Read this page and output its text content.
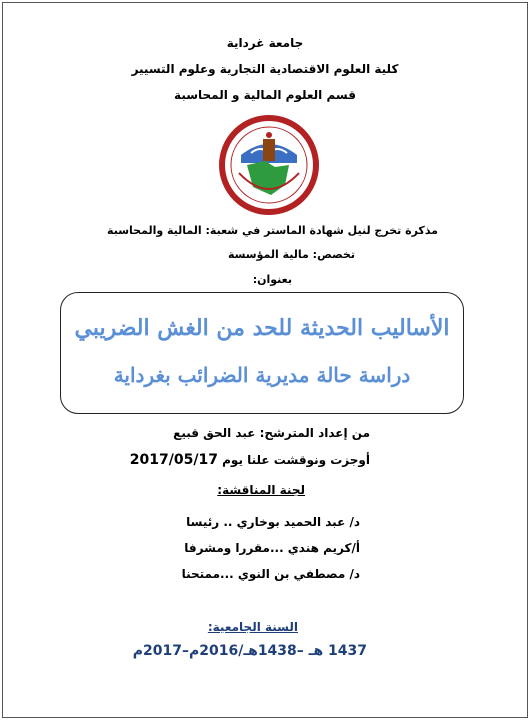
جامعة غرداية
كلية العلوم الاقتصادية التجارية وعلوم التسيير
قسم العلوم المالية و المحاسبة
مذكرة تخرج لنيل شهادة الماستر في شعبة: المالية والمحاسبة
تخصص: مالية المؤسسة
بعنوان:
الأساليب الحديثة للحد من الغش الضريبي
دراسة حالة مديرية الضرائب بغرداية
من إعداد المترشح: عبد الحق قبيع
أوجزت ونوقشت علنا يوم 2017/05/17
لجنة المناقشة:
د/ عبد الحميد بوخاري .. رئيسا
أ/كريم هندي ...مقررا ومشرفا
د/ مصطفي بن النوي ...ممتحنا
السنة الجامعية:
1437 هـ –1438هـ/2016م–2017م
